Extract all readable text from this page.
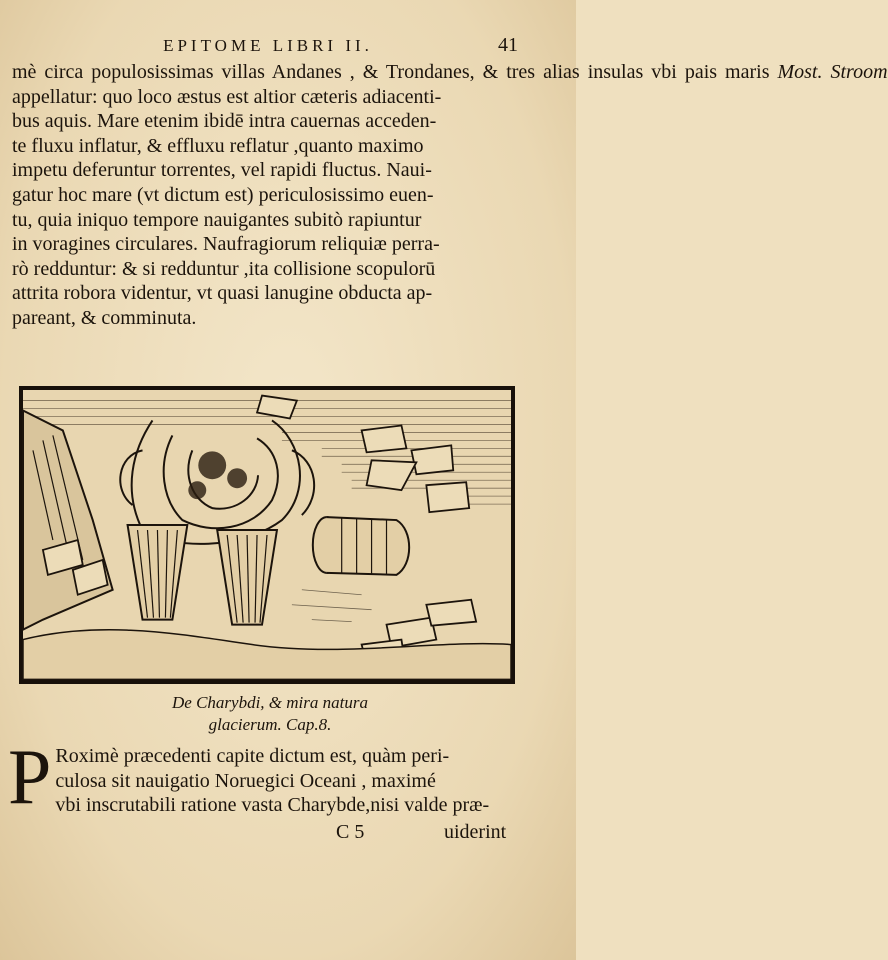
EPITOME LIBRI II.	41
mè circa populosissimas villas Andanes , & Trondanes, & tres alias insulas vbi pais maris Most. Stroom
appellatur: quo loco æstus est altior cæteris adiacenti-
bus aquis. Mare etenim ibidē intra cauernas acceden-
te fluxu inflatur, & effluxu reflatur ,quanto maximo
impetu deferuntur torrentes, vel rapidi fluctus. Naui-
gatur hoc mare (vt dictum est) periculosissimo euen-
tu, quia iniquo tempore nauigantes subitò rapiuntur
in voragines circulares. Naufragiorum reliquiæ perra-
rò redduntur: & si redduntur ,ita collisione scopulorū
attrita robora videntur, vt quasi lanugine obducta ap-
pareant, & comminuta.
De Charybdi, & mira natura
glacierum. Cap.8.
P Roximè præcedenti capite dictum est, quàm peri-
culosa sit nauigatio Noruegici Oceani , maximé
vbi inscrutabili ratione vasta Charybde,nisi valde præ-
C 5	uiderint
